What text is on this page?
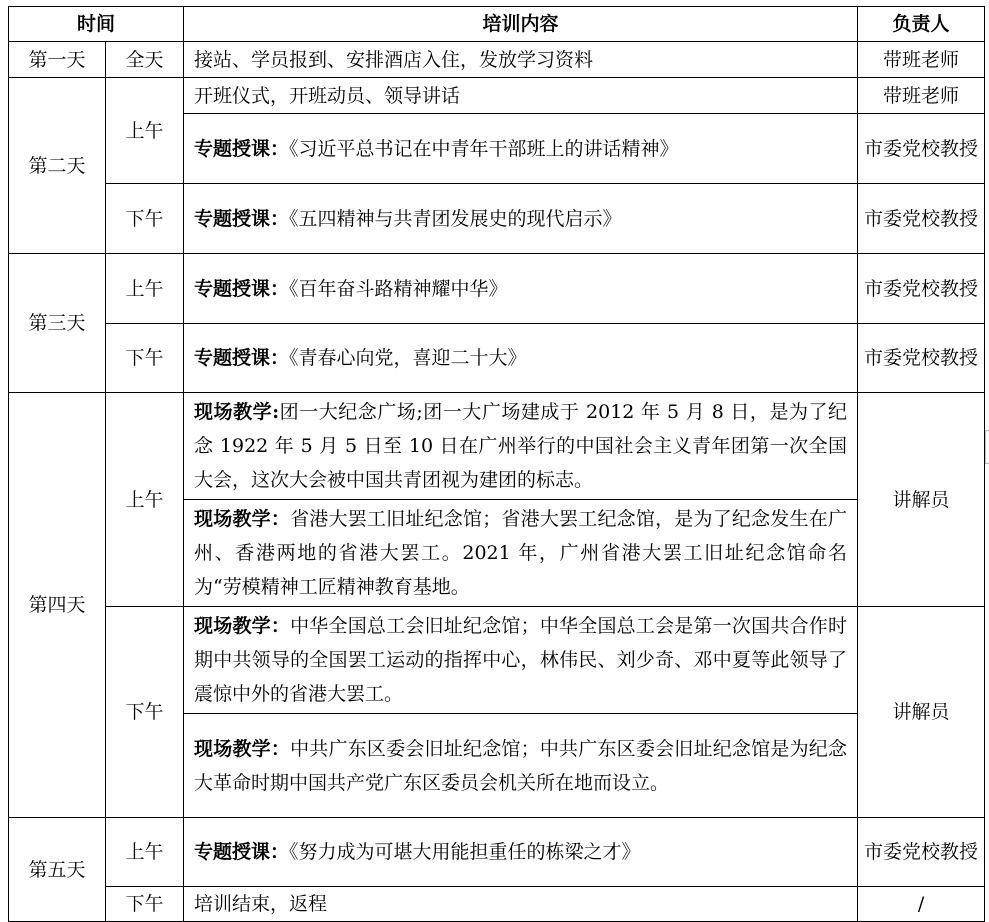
时间		培训内容	负责人
第一天	全天	接站、学员报到、安排酒店入住，发放学习资料	带班老师
第二天	上午	开班仪式，开班动员、领导讲话	带班老师
		专题授课：《习近平总书记在中青年干部班上的讲话精神》	市委党校教授
	下午	专题授课：《五四精神与共青团发展史的现代启示》	市委党校教授
第三天	上午	专题授课：《百年奋斗路精神耀中华》	市委党校教授
	下午	专题授课：《青春心向党，喜迎二十大》	市委党校教授
第四天	上午	现场教学:团一大纪念广场;团一大广场建成于 2012 年 5 月 8 日，是为了纪念 1922 年 5 月 5 日至 10 日在广州举行的中国社会主义青年团第一次全国大会，这次大会被中国共青团视为建团的标志。	讲解员
		现场教学：省港大罢工旧址纪念馆；省港大罢工纪念馆，是为了纪念发生在广州、香港两地的省港大罢工。2021 年，广州省港大罢工旧址纪念馆命名为“劳模精神工匠精神教育基地。	
	下午	现场教学：中华全国总工会旧址纪念馆；中华全国总工会是第一次国共合作时期中共领导的全国罢工运动的指挥中心，林伟民、刘少奇、邓中夏等此领导了震惊中外的省港大罢工。	讲解员
		现场教学：中共广东区委会旧址纪念馆；中共广东区委会旧址纪念馆是为纪念大革命时期中国共产党广东区委员会机关所在地而设立。	
第五天	上午	专题授课：《努力成为可堪大用能担重任的栋梁之才》	市委党校教授
	下午	培训结束，返程	/
